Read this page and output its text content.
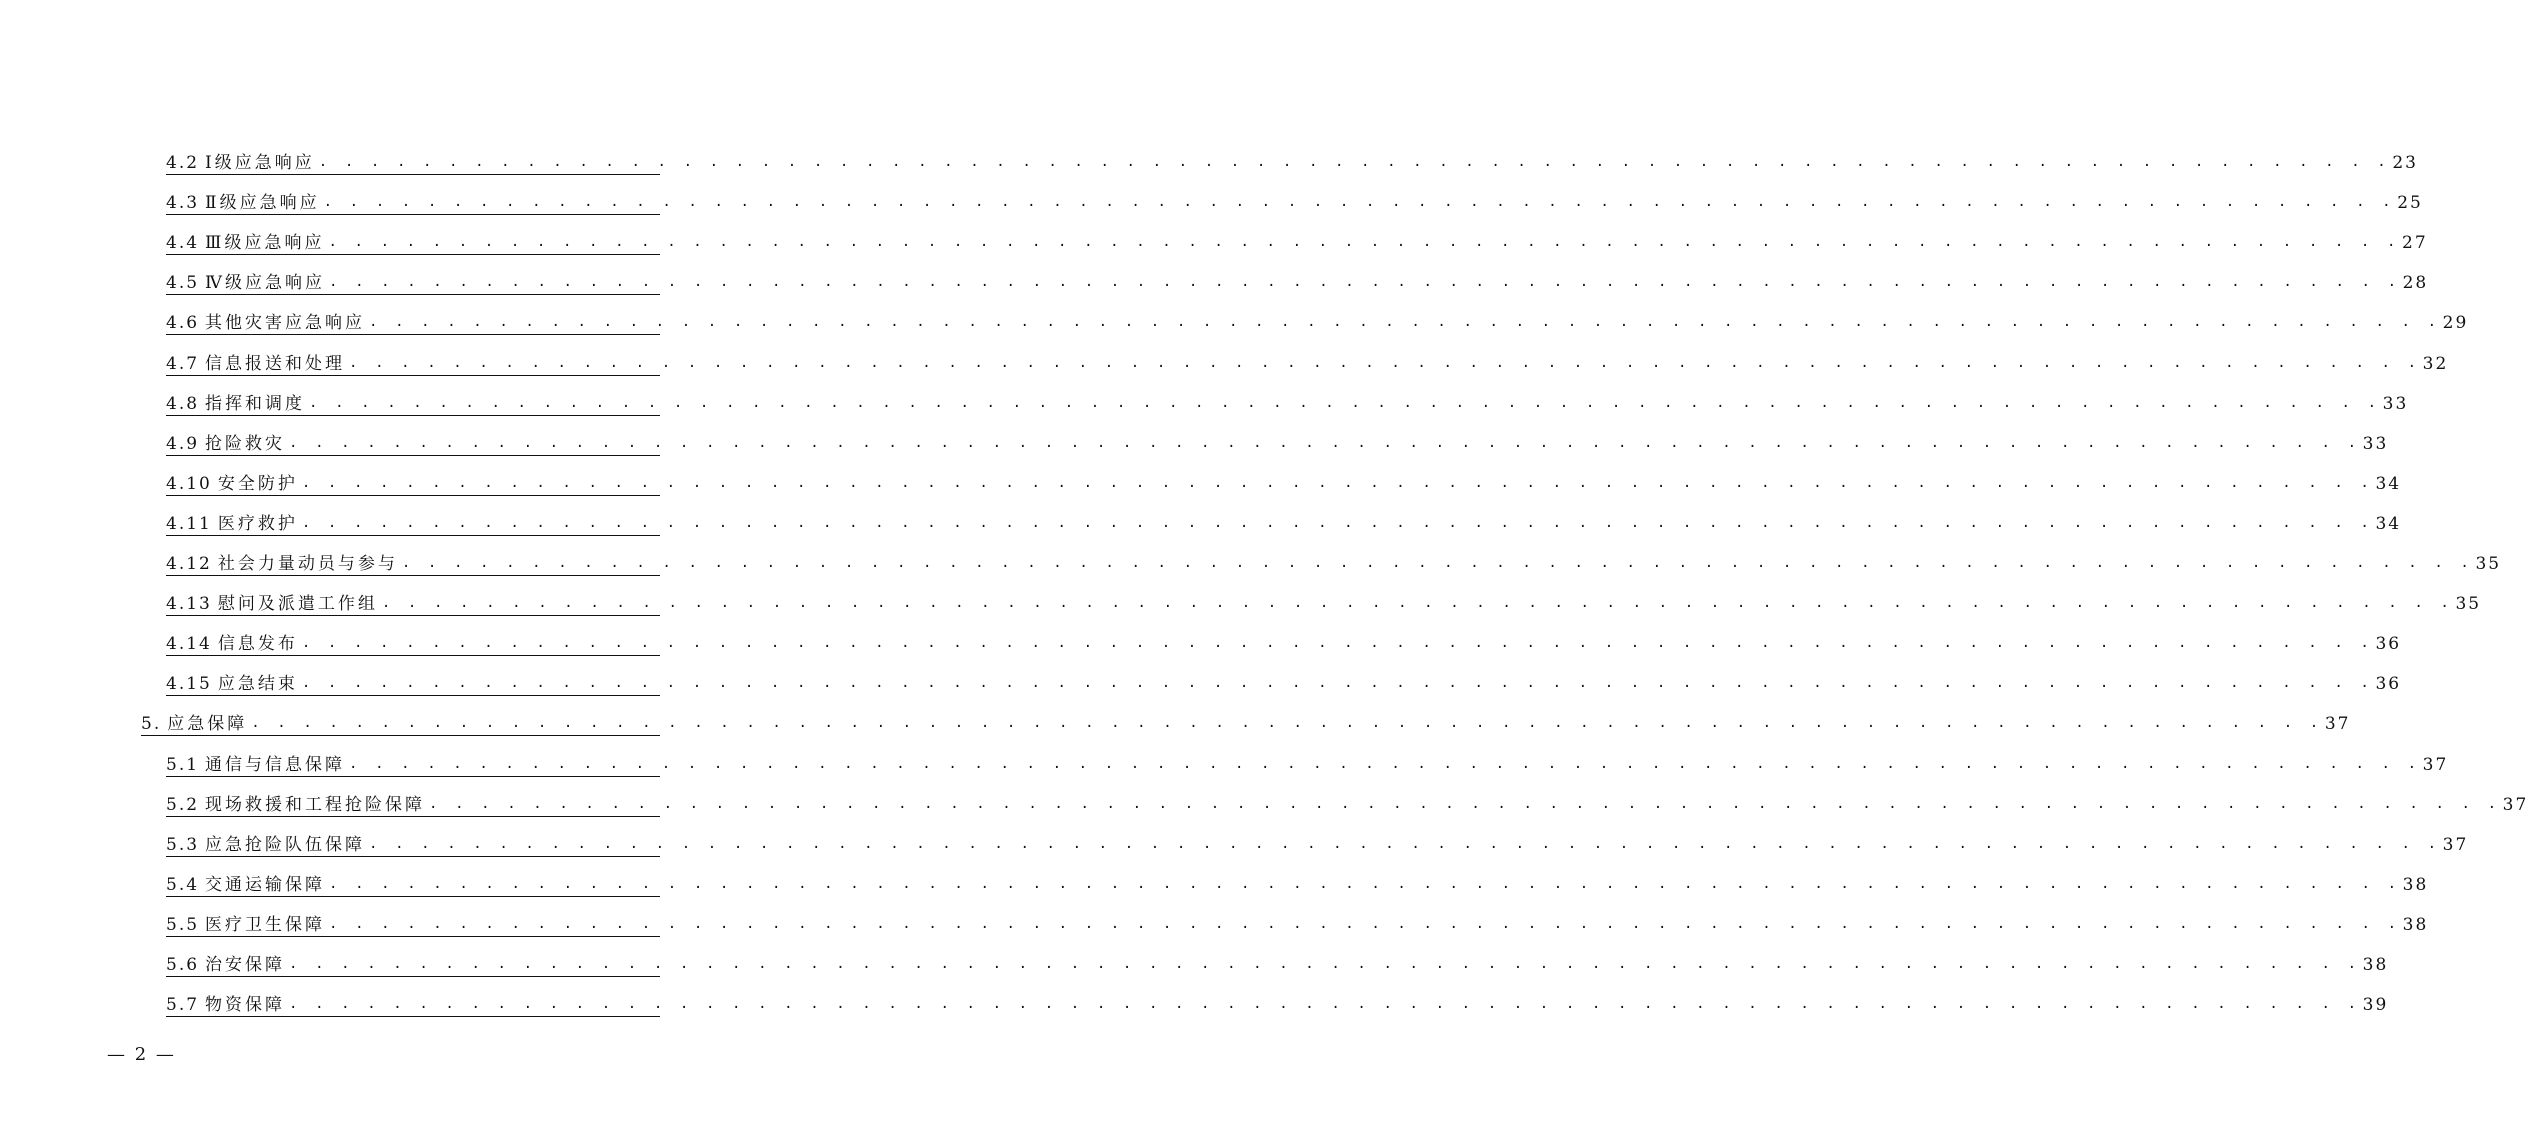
4.2 Ⅰ级应急响应 . . . . . . . . . . . . . . . . . . . . . . . . . . . . . . . . . . . . . . . . . . . . . . . . . . . . . . . . . . . . . . . . . . . . . . . . . . . . . . . . 23
4.3 Ⅱ级应急响应 . . . . . . . . . . . . . . . . . . . . . . . . . . . . . . . . . . . . . . . . . . . . . . . . . . . . . . . . . . . . . . . . . . . . . . . . . . . . . . . . 25
4.4 Ⅲ级应急响应 . . . . . . . . . . . . . . . . . . . . . . . . . . . . . . . . . . . . . . . . . . . . . . . . . . . . . . . . . . . . . . . . . . . . . . . . . . . . . . . . 27
4.5 Ⅳ级应急响应 . . . . . . . . . . . . . . . . . . . . . . . . . . . . . . . . . . . . . . . . . . . . . . . . . . . . . . . . . . . . . . . . . . . . . . . . . . . . . . . . 28
4.6 其他灾害应急响应 . . . . . . . . . . . . . . . . . . . . . . . . . . . . . . . . . . . . . . . . . . . . . . . . . . . . . . . . . . . . . . . . . . . . . . . . . . . . . . . . 29
4.7 信息报送和处理 . . . . . . . . . . . . . . . . . . . . . . . . . . . . . . . . . . . . . . . . . . . . . . . . . . . . . . . . . . . . . . . . . . . . . . . . . . . . . . . . 32
4.8 指挥和调度 . . . . . . . . . . . . . . . . . . . . . . . . . . . . . . . . . . . . . . . . . . . . . . . . . . . . . . . . . . . . . . . . . . . . . . . . . . . . . . . . 33
4.9 抢险救灾 . . . . . . . . . . . . . . . . . . . . . . . . . . . . . . . . . . . . . . . . . . . . . . . . . . . . . . . . . . . . . . . . . . . . . . . . . . . . . . . . 33
4.10 安全防护 . . . . . . . . . . . . . . . . . . . . . . . . . . . . . . . . . . . . . . . . . . . . . . . . . . . . . . . . . . . . . . . . . . . . . . . . . . . . . . . . 34
4.11 医疗救护 . . . . . . . . . . . . . . . . . . . . . . . . . . . . . . . . . . . . . . . . . . . . . . . . . . . . . . . . . . . . . . . . . . . . . . . . . . . . . . . . 34
4.12 社会力量动员与参与 . . . . . . . . . . . . . . . . . . . . . . . . . . . . . . . . . . . . . . . . . . . . . . . . . . . . . . . . . . . . . . . . . . . . . . . . . . . . . . . . 35
4.13 慰问及派遣工作组 . . . . . . . . . . . . . . . . . . . . . . . . . . . . . . . . . . . . . . . . . . . . . . . . . . . . . . . . . . . . . . . . . . . . . . . . . . . . . . . . 35
4.14 信息发布 . . . . . . . . . . . . . . . . . . . . . . . . . . . . . . . . . . . . . . . . . . . . . . . . . . . . . . . . . . . . . . . . . . . . . . . . . . . . . . . . 36
4.15 应急结束 . . . . . . . . . . . . . . . . . . . . . . . . . . . . . . . . . . . . . . . . . . . . . . . . . . . . . . . . . . . . . . . . . . . . . . . . . . . . . . . . 36
5. 应急保障 . . . . . . . . . . . . . . . . . . . . . . . . . . . . . . . . . . . . . . . . . . . . . . . . . . . . . . . . . . . . . . . . . . . . . . . . . . . . . . . . 37
5.1 通信与信息保障 . . . . . . . . . . . . . . . . . . . . . . . . . . . . . . . . . . . . . . . . . . . . . . . . . . . . . . . . . . . . . . . . . . . . . . . . . . . . . . . . 37
5.2 现场救援和工程抢险保障 . . . . . . . . . . . . . . . . . . . . . . . . . . . . . . . . . . . . . . . . . . . . . . . . . . . . . . . . . . . . . . . . . . . . . . . . . . . . . . . . 37
5.3 应急抢险队伍保障 . . . . . . . . . . . . . . . . . . . . . . . . . . . . . . . . . . . . . . . . . . . . . . . . . . . . . . . . . . . . . . . . . . . . . . . . . . . . . . . . 37
5.4 交通运输保障 . . . . . . . . . . . . . . . . . . . . . . . . . . . . . . . . . . . . . . . . . . . . . . . . . . . . . . . . . . . . . . . . . . . . . . . . . . . . . . . . 38
5.5 医疗卫生保障 . . . . . . . . . . . . . . . . . . . . . . . . . . . . . . . . . . . . . . . . . . . . . . . . . . . . . . . . . . . . . . . . . . . . . . . . . . . . . . . . 38
5.6 治安保障 . . . . . . . . . . . . . . . . . . . . . . . . . . . . . . . . . . . . . . . . . . . . . . . . . . . . . . . . . . . . . . . . . . . . . . . . . . . . . . . . 38
5.7 物资保障 . . . . . . . . . . . . . . . . . . . . . . . . . . . . . . . . . . . . . . . . . . . . . . . . . . . . . . . . . . . . . . . . . . . . . . . . . . . . . . . . 39
— 2 —
